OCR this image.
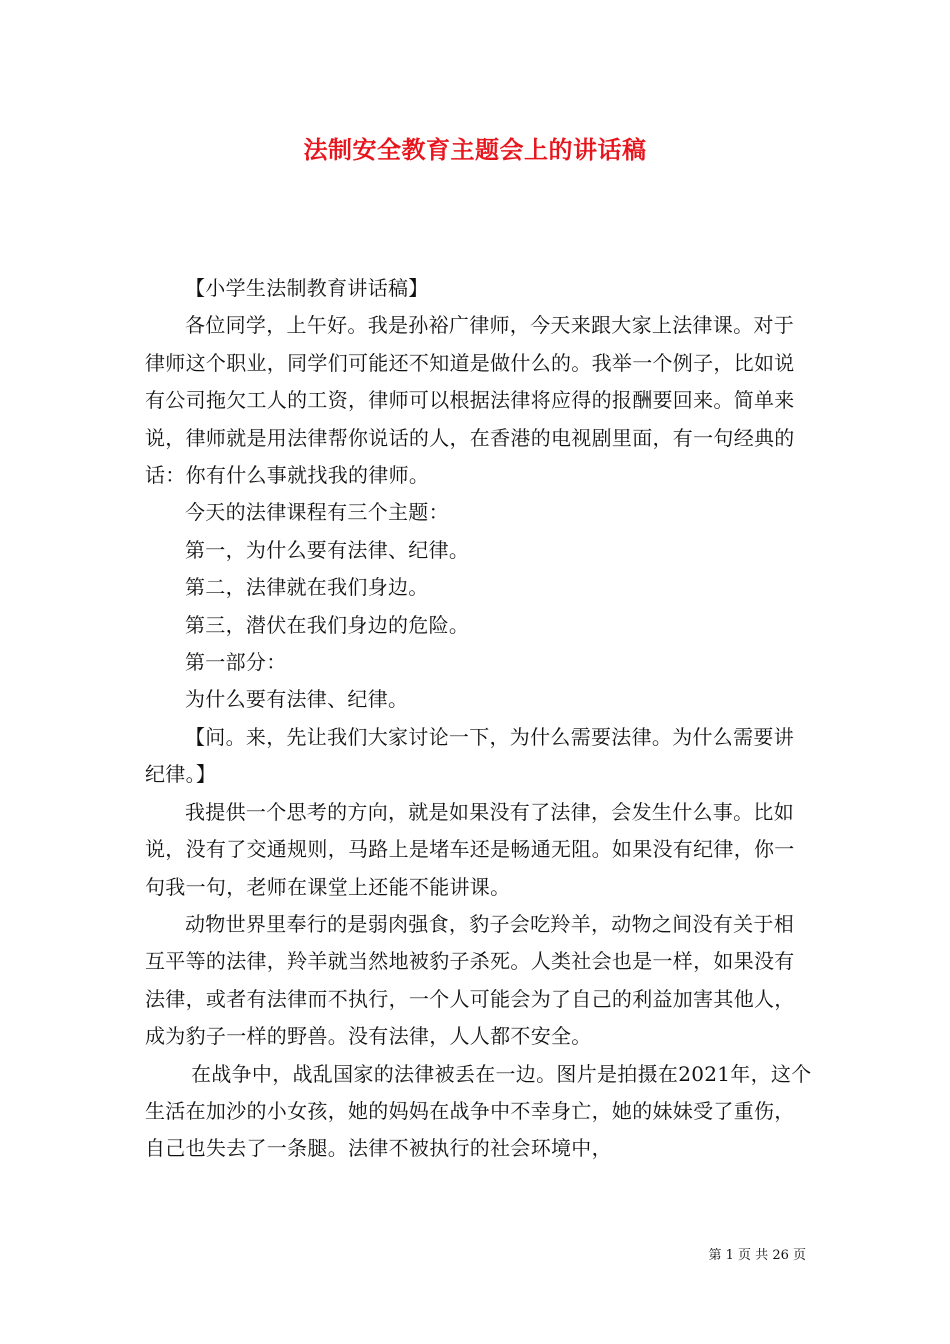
法制安全教育主题会上的讲话稿

【小学生法制教育讲话稿】

各位同学，上午好。我是孙裕广律师，今天来跟大家上法律课。对于律师这个职业，同学们可能还不知道是做什么的。我举一个例子，比如说有公司拖欠工人的工资，律师可以根据法律将应得的报酬要回来。简单来说，律师就是用法律帮你说话的人，在香港的电视剧里面，有一句经典的话：你有什么事就找我的律师。

今天的法律课程有三个主题：

第一，为什么要有法律、纪律。

第二，法律就在我们身边。

第三，潜伏在我们身边的危险。

第一部分：

为什么要有法律、纪律。

【问。来，先让我们大家讨论一下，为什么需要法律。为什么需要讲纪律。】

我提供一个思考的方向，就是如果没有了法律，会发生什么事。比如说，没有了交通规则，马路上是堵车还是畅通无阻。如果没有纪律，你一句我一句，老师在课堂上还能不能讲课。

动物世界里奉行的是弱肉强食，豹子会吃羚羊，动物之间没有关于相互平等的法律，羚羊就当然地被豹子杀死。人类社会也是一样，如果没有法律，或者有法律而不执行，一个人可能会为了自己的利益加害其他人，成为豹子一样的野兽。没有法律，人人都不安全。

在战争中，战乱国家的法律被丢在一边。图片是拍摄在2021年，这个生活在加沙的小女孩，她的妈妈在战争中不幸身亡，她的妹妹受了重伤，自己也失去了一条腿。法律不被执行的社会环境中，

第 1 页 共 26 页
